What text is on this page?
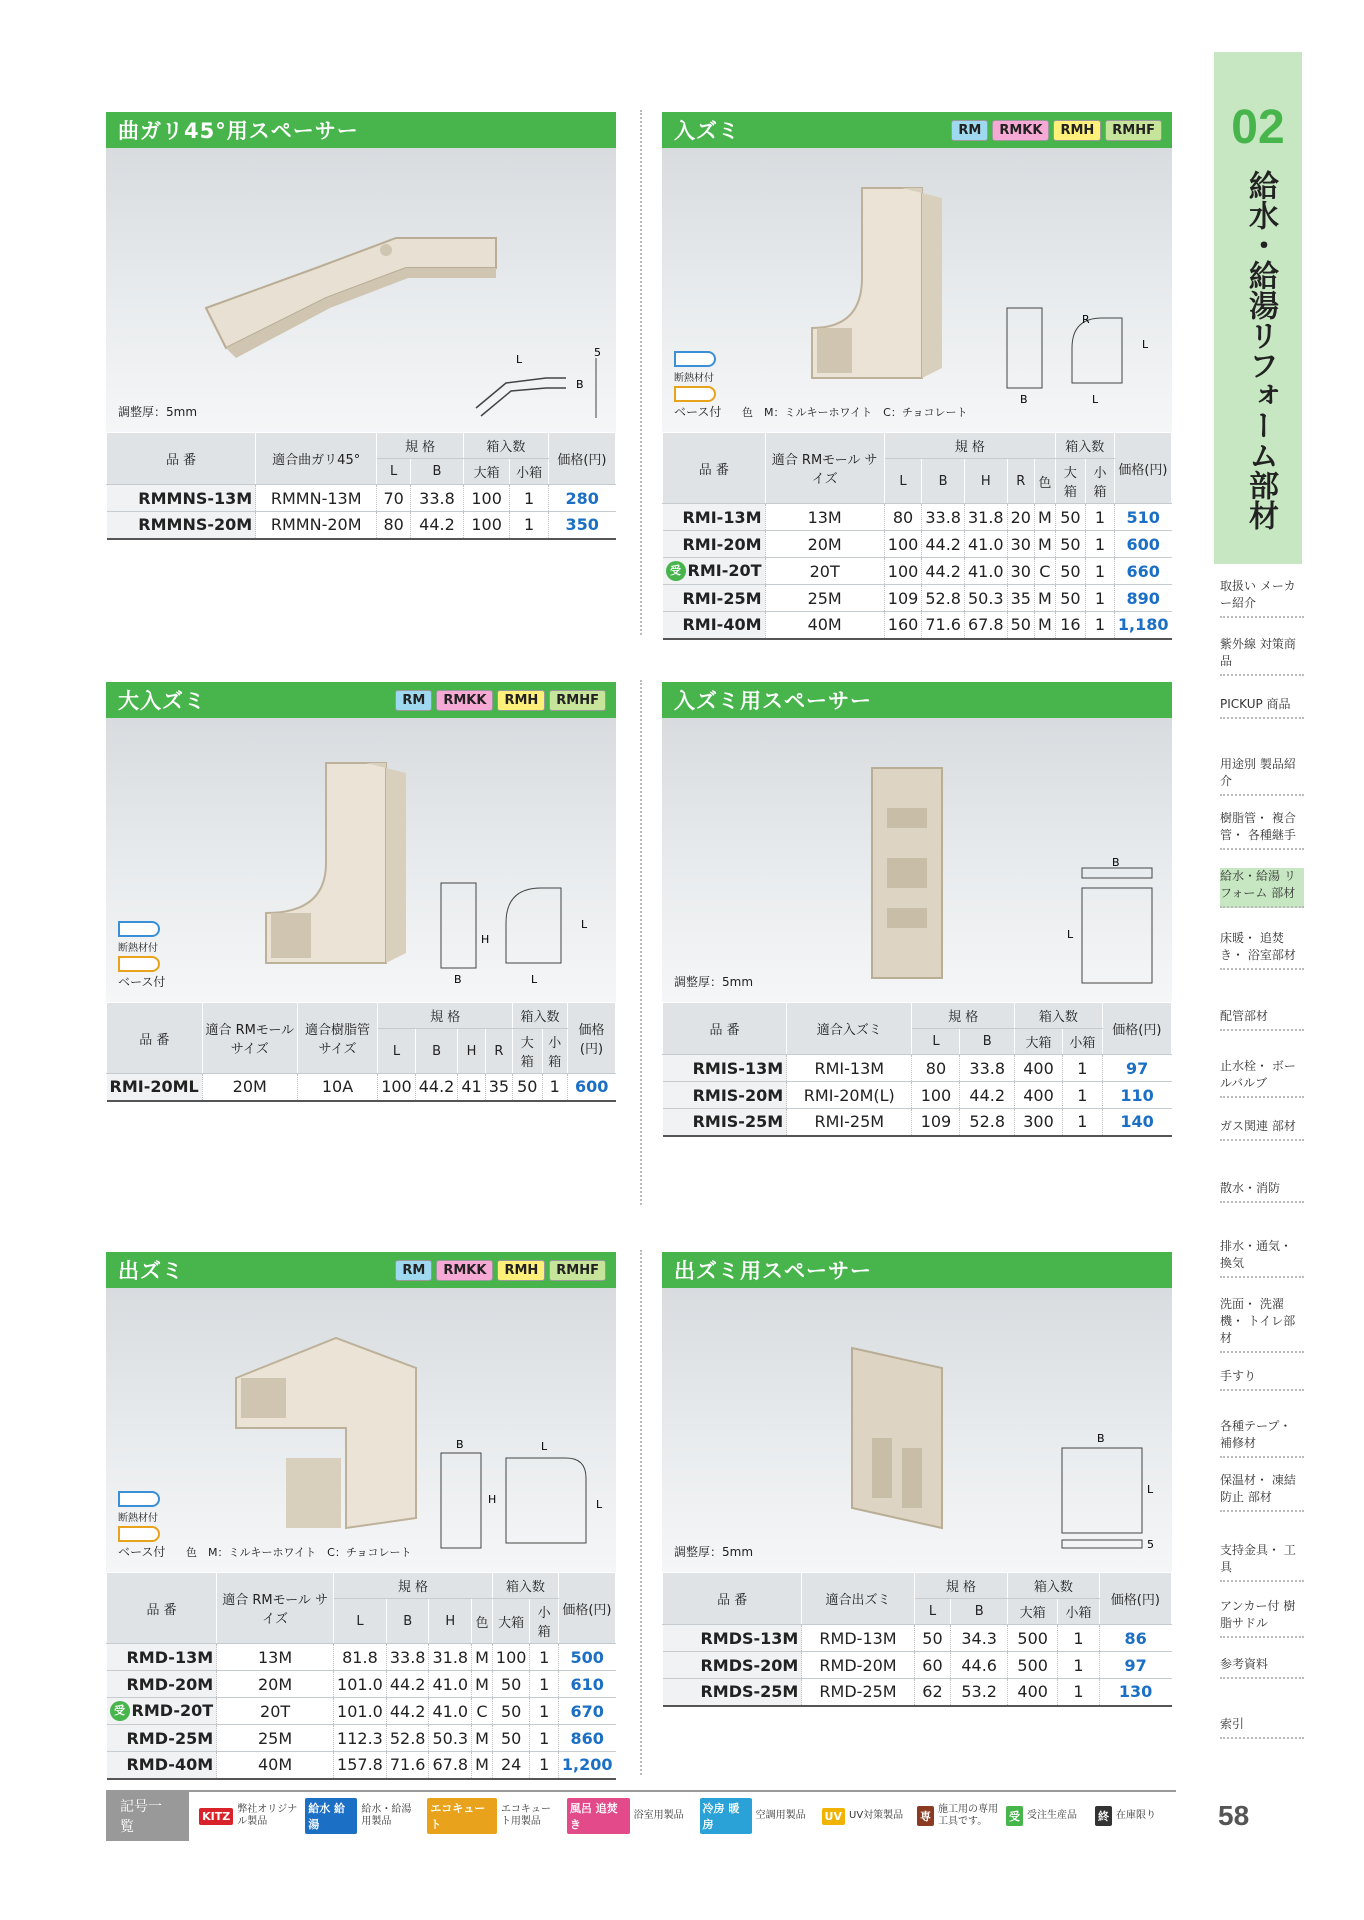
02
給水・給湯リフォーム部材
取扱い メーカー紹介
紫外線 対策商品
PICKUP 商品
用途別 製品紹介
樹脂管・ 複合管・ 各種継手
給水・給湯 リフォーム 部材
床暖・ 追焚き・ 浴室部材
配管部材
止水栓・ ボールバルブ
ガス関連 部材
散水・消防
排水・通気・ 換気
洗面・ 洗濯機・ トイレ部材
手すり
各種テープ・ 補修材
保温材・ 凍結防止 部材
支持金具・ 工具
アンカー付 樹脂サドル
参考資料
索引
曲ガリ45°用スペーサー
L
B
5
調整厚：5mm
品 番	適合曲ガリ45°	規 格		箱入数		価格(円)
		L	B	大箱	小箱	
RMMNS-13M	RMMN-13M	70	33.8	100	1	280
RMMNS-20M	RMMN-20M	80	44.2	100	1	350
入ズミ	RM	RMKK	RMH	RMHF
B	L
L
R
断熱材付
ベース付 色　M：ミルキーホワイト　C：チョコレート
品 番	適合 RMモール サイズ	規 格					箱入数		価格(円)
		L	B	H	R	色	大箱	小箱	
RMI-13M	13M	80	33.8	31.8	20	M	50	1	510
RMI-20M	20M	100	44.2	41.0	30	M	50	1	600
受 RMI-20T	20T	100	44.2	41.0	30	C	50	1	660
RMI-25M	25M	109	52.8	50.3	35	M	50	1	890
RMI-40M	40M	160	71.6	67.8	50	M	16	1	1,180
大入ズミ	RM	RMKK	RMH	RMHF
B	L
L
H
断熱材付
ベース付
品 番	適合 RMモール サイズ	適合樹脂管 サイズ	規 格				箱入数		価格(円)
			L	B	H	R	大箱	小箱	
RMI-20ML	20M	10A	100	44.2	41	35	50	1	600
入ズミ用スペーサー
B
L
調整厚：5mm
品 番	適合入ズミ	規 格		箱入数		価格(円)
		L	B	大箱	小箱	
RMIS-13M	RMI-13M	80	33.8	400	1	97
RMIS-20M	RMI-20M(L)	100	44.2	400	1	110
RMIS-25M	RMI-25M	109	52.8	300	1	140
出ズミ	RM	RMKK	RMH	RMHF
B	L
L
H
断熱材付
ベース付 色　M：ミルキーホワイト　C：チョコレート
品 番	適合 RMモール サイズ	規 格				箱入数		価格(円)
		L	B	H	色	大箱	小箱	
RMD-13M	13M	81.8	33.8	31.8	M	100	1	500
RMD-20M	20M	101.0	44.2	41.0	M	50	1	610
受 RMD-20T	20T	101.0	44.2	41.0	C	50	1	670
RMD-25M	25M	112.3	52.8	50.3	M	50	1	860
RMD-40M	40M	157.8	71.6	67.8	M	24	1	1,200
出ズミ用スペーサー
B
L
5
調整厚：5mm
品 番	適合出ズミ	規 格		箱入数		価格(円)
		L	B	大箱	小箱	
RMDS-13M	RMD-13M	50	34.3	500	1	86
RMDS-20M	RMD-20M	60	44.6	500	1	97
RMDS-25M	RMD-25M	62	53.2	400	1	130
記号一覧
KITZ 弊社オリジナル製品
給水 給湯
給水・給湯用製品
エコキュート
エコキュート用製品
風呂 追焚き
浴室用製品
冷房 暖房
空調用製品	UV UV対策製品	専
施工用の専用工具です。	受 受注生産品	終 在庫限り	58
